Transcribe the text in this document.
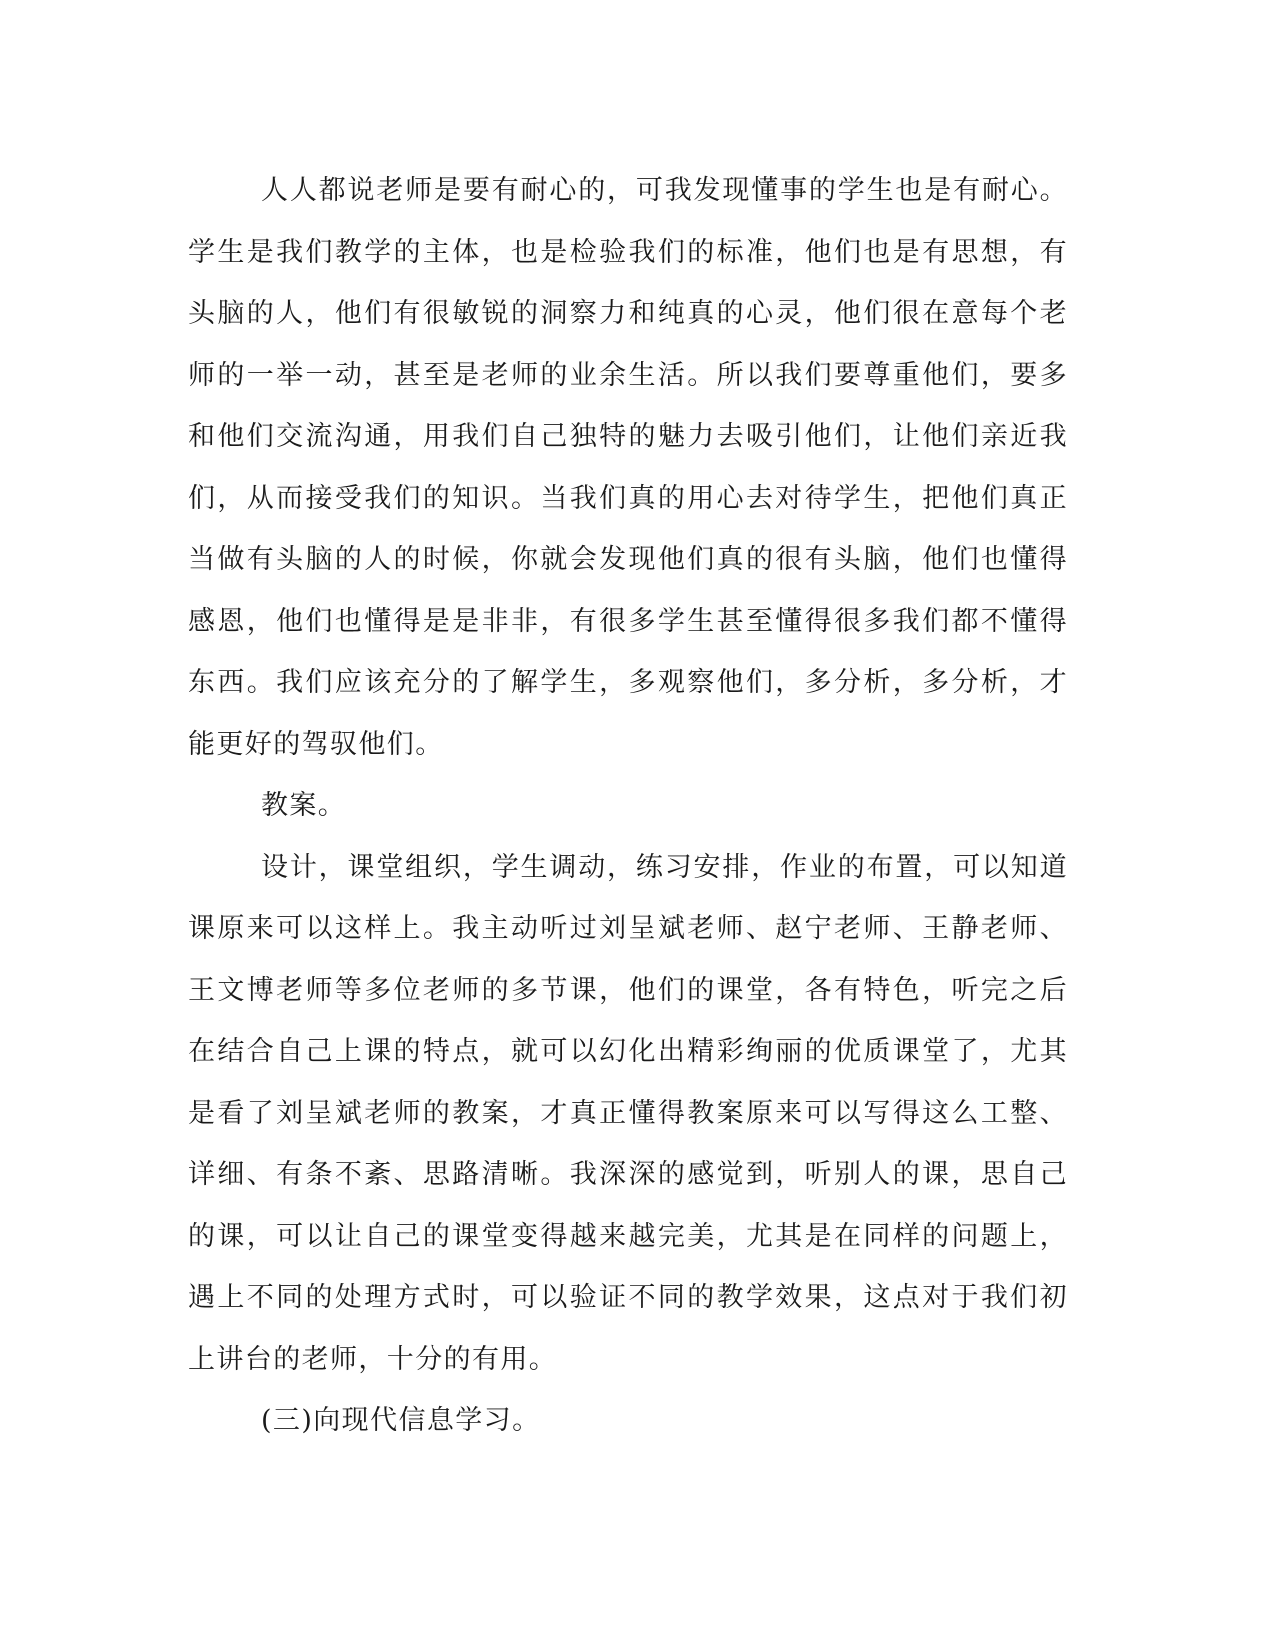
人人都说老师是要有耐心的，可我发现懂事的学生也是有耐心。学生是我们教学的主体，也是检验我们的标准，他们也是有思想，有头脑的人，他们有很敏锐的洞察力和纯真的心灵，他们很在意每个老师的一举一动，甚至是老师的业余生活。所以我们要尊重他们，要多和他们交流沟通，用我们自己独特的魅力去吸引他们，让他们亲近我们，从而接受我们的知识。当我们真的用心去对待学生，把他们真正当做有头脑的人的时候，你就会发现他们真的很有头脑，他们也懂得感恩，他们也懂得是是非非，有很多学生甚至懂得很多我们都不懂得东西。我们应该充分的了解学生，多观察他们，多分析，多分析，才能更好的驾驭他们。

教案。

设计，课堂组织，学生调动，练习安排，作业的布置，可以知道课原来可以这样上。我主动听过刘呈斌老师、赵宁老师、王静老师、王文博老师等多位老师的多节课，他们的课堂，各有特色，听完之后在结合自己上课的特点，就可以幻化出精彩绚丽的优质课堂了，尤其是看了刘呈斌老师的教案，才真正懂得教案原来可以写得这么工整、详细、有条不紊、思路清晰。我深深的感觉到，听别人的课，思自己的课，可以让自己的课堂变得越来越完美，尤其是在同样的问题上，遇上不同的处理方式时，可以验证不同的教学效果，这点对于我们初上讲台的老师，十分的有用。

(三)向现代信息学习。
